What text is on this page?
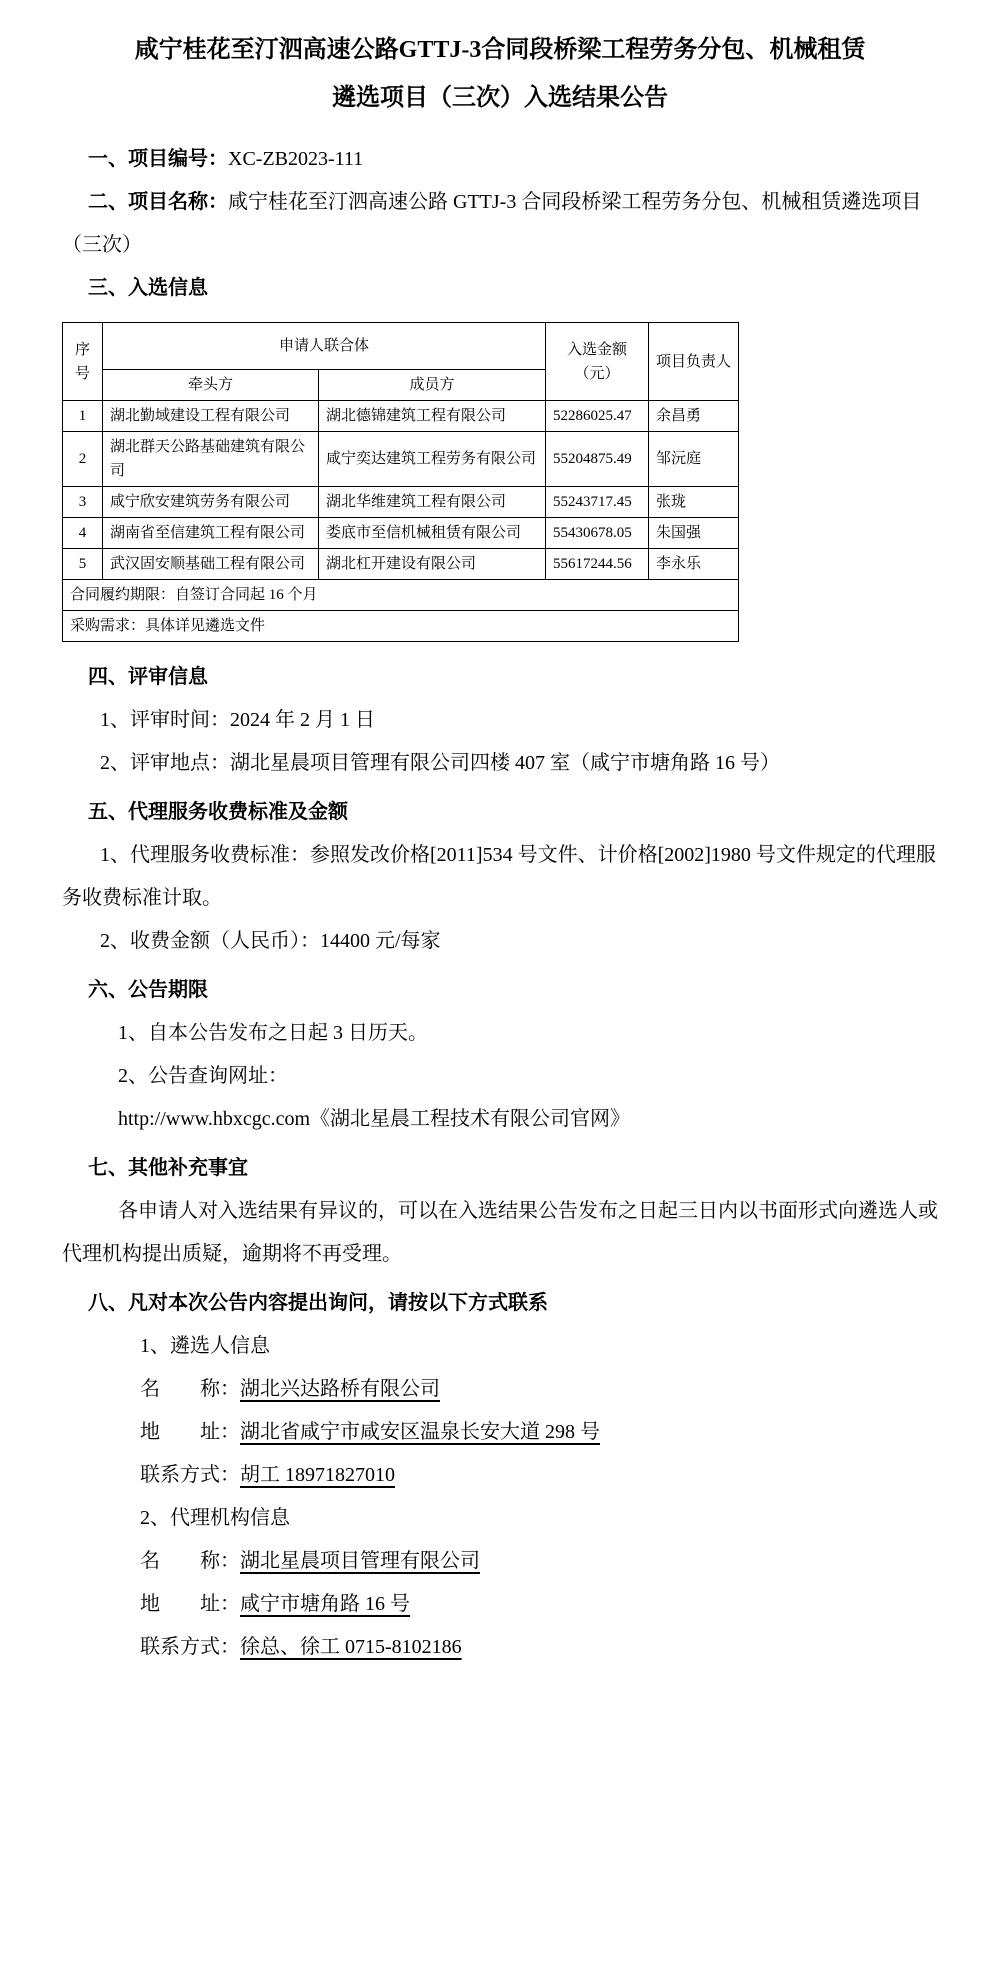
咸宁桂花至汀泗高速公路GTTJ-3合同段桥梁工程劳务分包、机械租赁
遴选项目（三次）入选结果公告

一、项目编号：XC-ZB2023-111

二、项目名称：咸宁桂花至汀泗高速公路 GTTJ-3 合同段桥梁工程劳务分包、机械租赁遴选项目（三次）

三、入选信息

序号	申请人联合体		入选金额（元）	项目负责人
	牵头方	成员方		
1	湖北勤域建设工程有限公司	湖北德锦建筑工程有限公司	52286025.47	余昌勇
2	湖北群天公路基础建筑有限公司	咸宁奕达建筑工程劳务有限公司	55204875.49	邹沅庭
3	咸宁欣安建筑劳务有限公司	湖北华维建筑工程有限公司	55243717.45	张珑
4	湖南省至信建筑工程有限公司	娄底市至信机械租赁有限公司	55430678.05	朱国强
5	武汉固安顺基础工程有限公司	湖北杠开建设有限公司	55617244.56	李永乐
合同履约期限：自签订合同起 16 个月				
采购需求：具体详见遴选文件				

四、评审信息

1、评审时间：2024 年 2 月 1 日

2、评审地点：湖北星晨项目管理有限公司四楼 407 室（咸宁市塘角路 16 号）

五、代理服务收费标准及金额

1、代理服务收费标准：参照发改价格[2011]534 号文件、计价格[2002]1980 号文件规定的代理服务收费标准计取。

2、收费金额（人民币）：14400 元/每家

六、公告期限

1、自本公告发布之日起 3 日历天。

2、公告查询网址：

http://www.hbxcgc.com《湖北星晨工程技术有限公司官网》

七、其他补充事宜

各申请人对入选结果有异议的，可以在入选结果公告发布之日起三日内以书面形式向遴选人或代理机构提出质疑，逾期将不再受理。

八、凡对本次公告内容提出询问，请按以下方式联系

1、遴选人信息

名　　称：湖北兴达路桥有限公司

地　　址：湖北省咸宁市咸安区温泉长安大道 298 号

联系方式：胡工 18971827010

2、代理机构信息

名　　称：湖北星晨项目管理有限公司

地　　址：咸宁市塘角路 16 号

联系方式：徐总、徐工 0715-8102186
